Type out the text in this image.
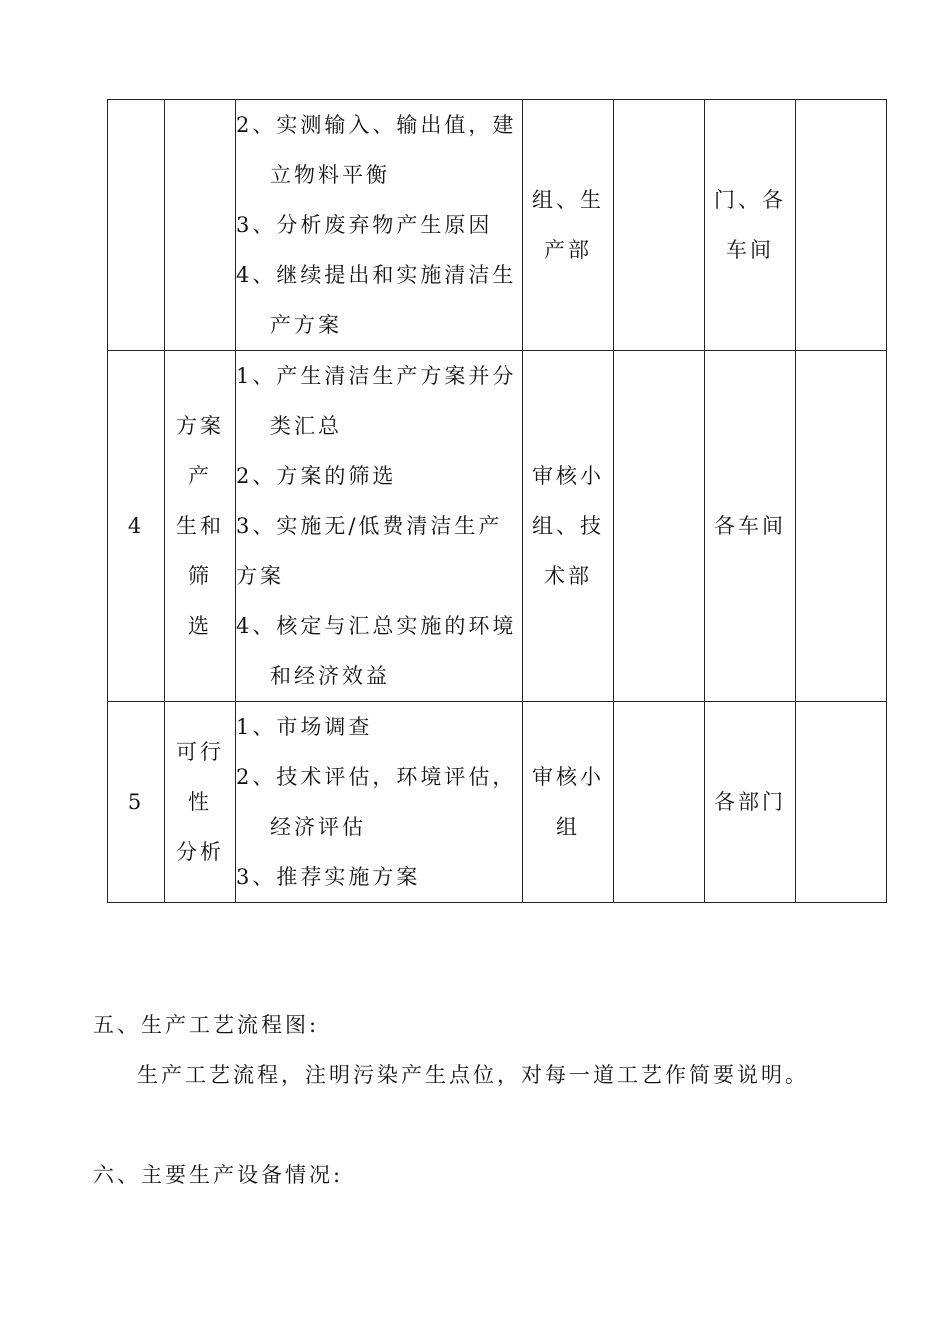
		2、实测输入、输出值，建立物料平衡
3、分析废弃物产生原因
4、继续提出和实施清洁生产方案	组、生
产部		门、各
车间	

4	方案产
生和筛
选	1、产生清洁生产方案并分类汇总
2、方案的筛选
3、实施无/低费清洁生产方案
4、核定与汇总实施的环境和经济效益	审核小
组、技
术部		各车间	

5	可行性
分析	1、市场调查
2、技术评估，环境评估，经济评估
3、推荐实施方案	审核小
组		各部门	

五、生产工艺流程图:
生产工艺流程，注明污染产生点位，对每一道工艺作简要说明。
六、主要生产设备情况:
